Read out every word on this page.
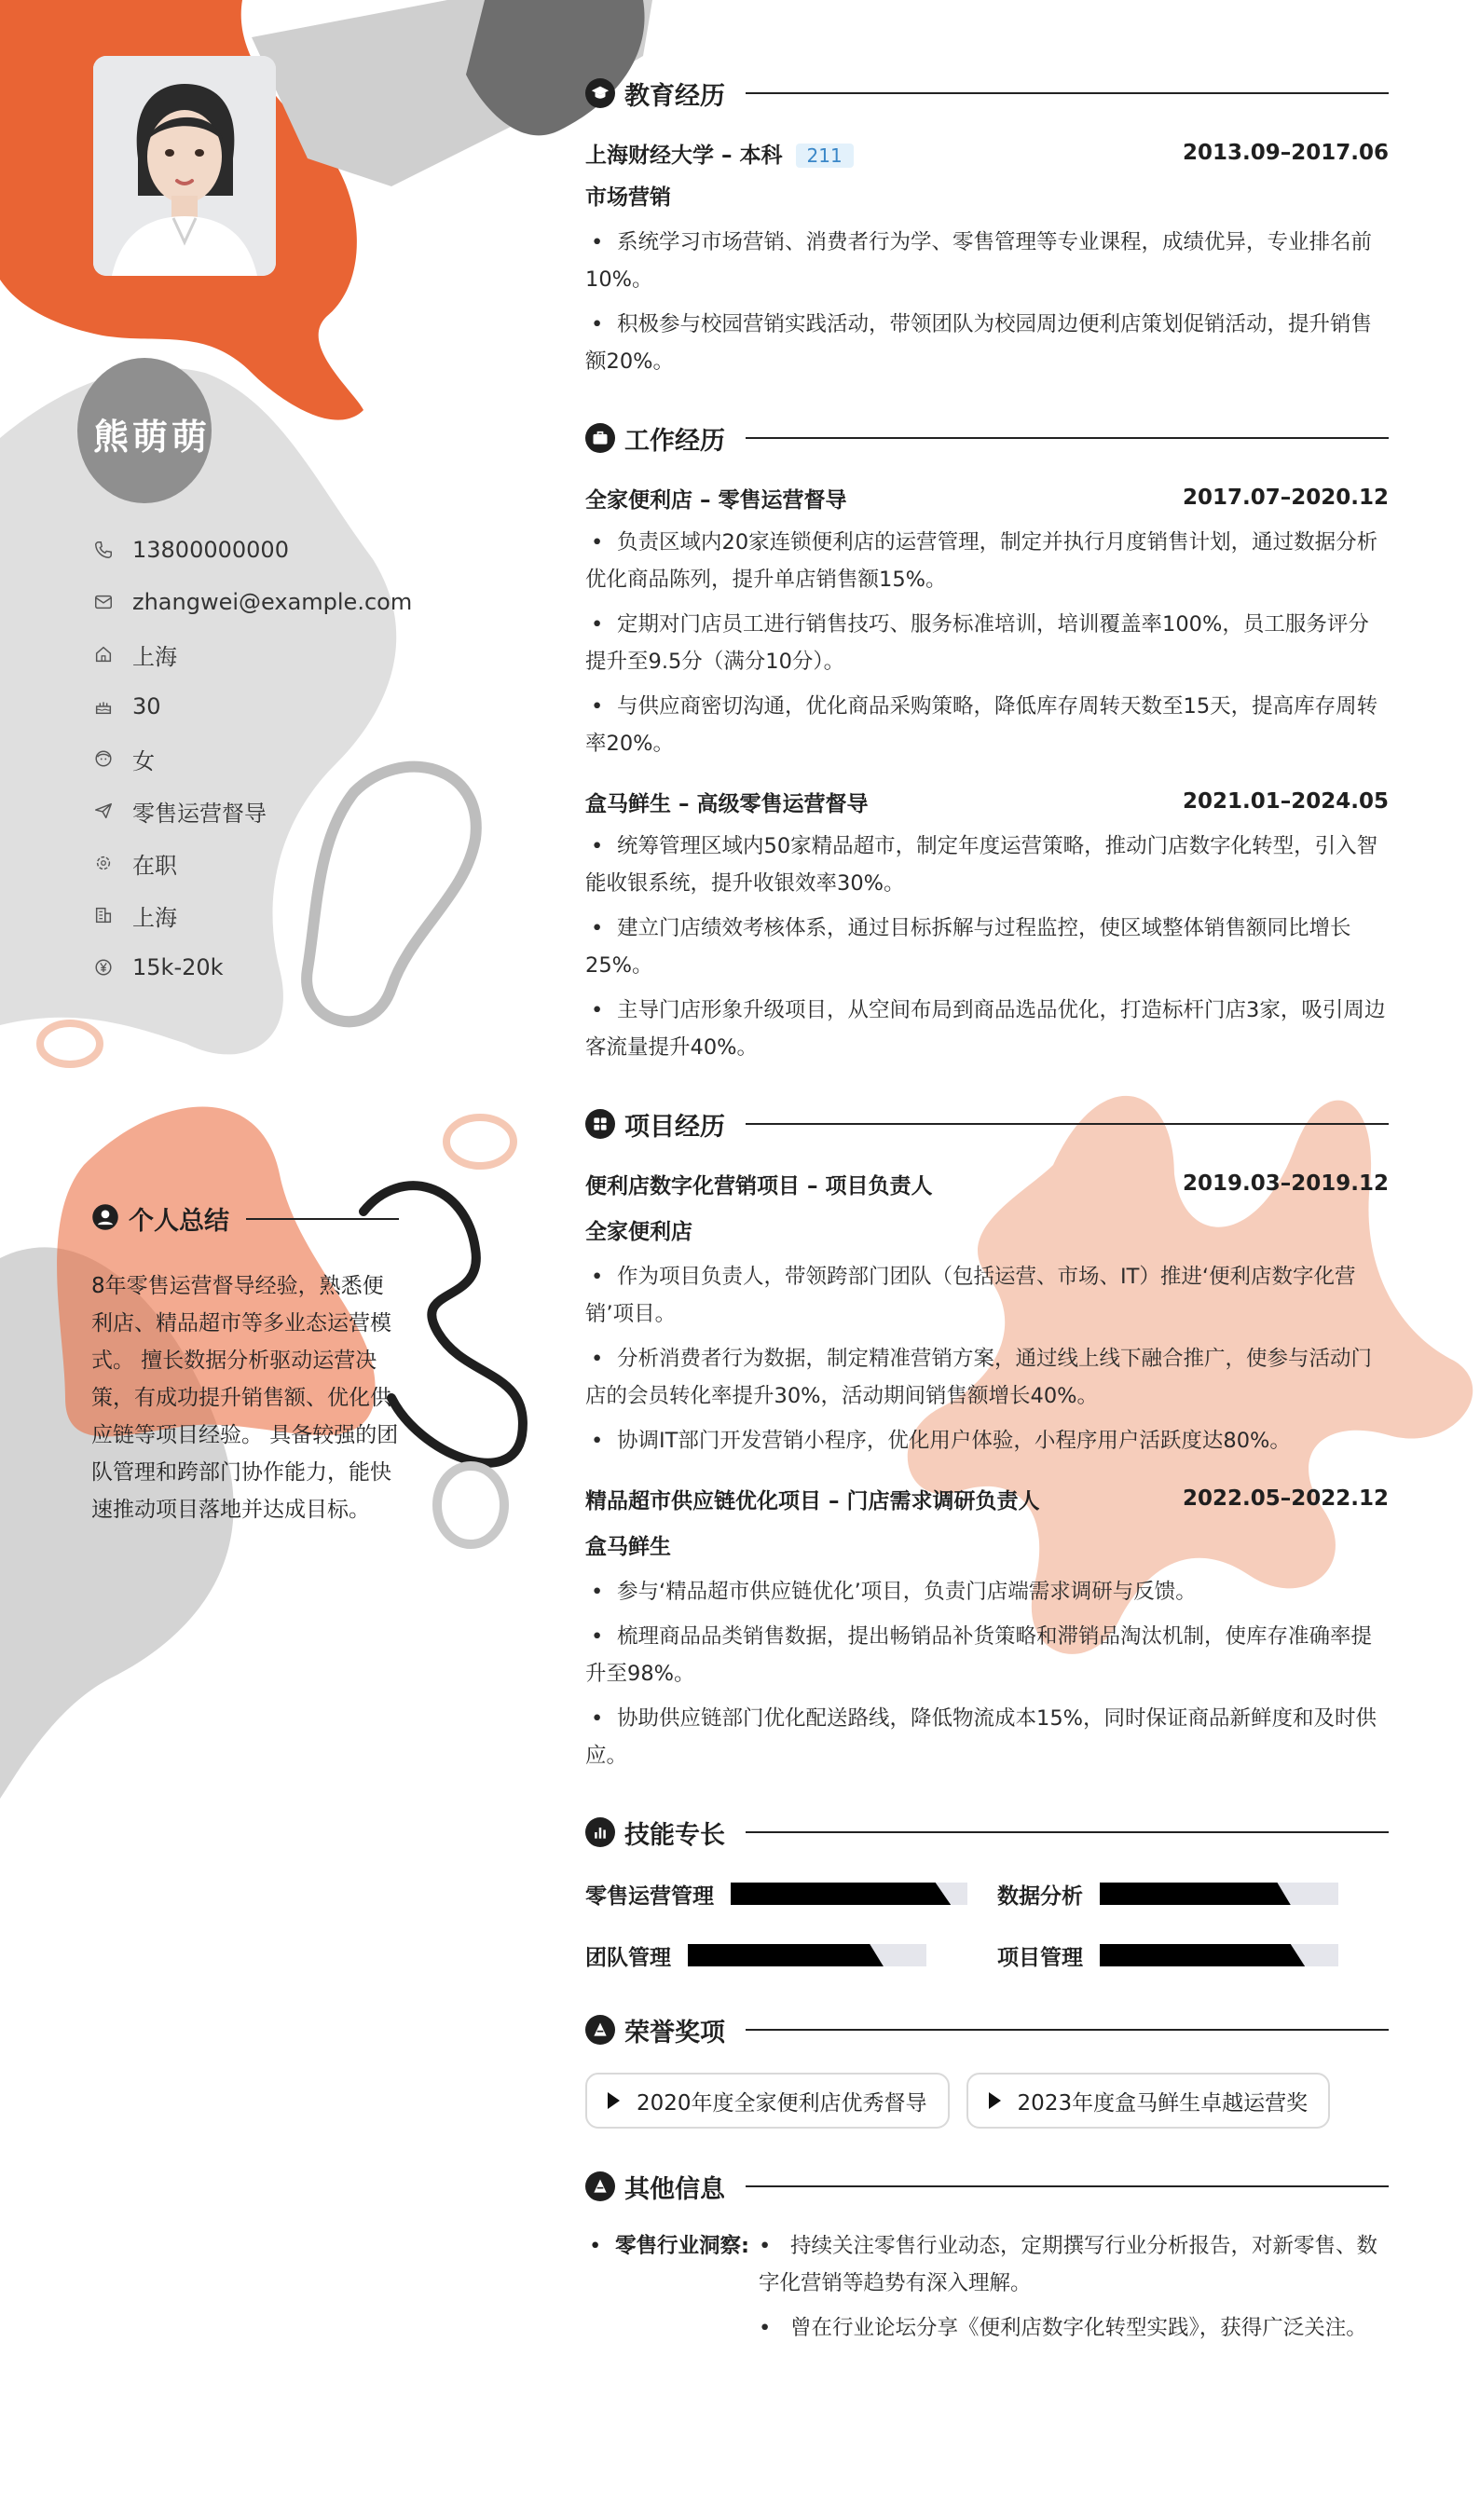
熊萌萌
13800000000
zhangwei@example.com
上海
30
女
零售运营督导
在职
上海
15k-20k
个人总结
8年零售运营督导经验，熟悉便利店、精品超市等多业态运营模式。 擅长数据分析驱动运营决策，有成功提升销售额、优化供应链等项目经验。 具备较强的团队管理和跨部门协作能力，能快速推动项目落地并达成目标。
教育经历
上海财经大学 – 本科 211	2013.09–2017.06
市场营销
• 系统学习市场营销、消费者行为学、零售管理等专业课程，成绩优异，专业排名前10%。
• 积极参与校园营销实践活动，带领团队为校园周边便利店策划促销活动，提升销售额20%。
工作经历
全家便利店 – 零售运营督导	2017.07–2020.12
• 负责区域内20家连锁便利店的运营管理，制定并执行月度销售计划，通过数据分析优化商品陈列，提升单店销售额15%。
• 定期对门店员工进行销售技巧、服务标准培训，培训覆盖率100%，员工服务评分提升至9.5分（满分10分）。
• 与供应商密切沟通，优化商品采购策略，降低库存周转天数至15天，提高库存周转率20%。
盒马鲜生 – 高级零售运营督导	2021.01–2024.05
• 统筹管理区域内50家精品超市，制定年度运营策略，推动门店数字化转型，引入智能收银系统，提升收银效率30%。
• 建立门店绩效考核体系，通过目标拆解与过程监控，使区域整体销售额同比增长25%。
• 主导门店形象升级项目，从空间布局到商品选品优化，打造标杆门店3家，吸引周边客流量提升40%。
项目经历
便利店数字化营销项目 – 项目负责人	2019.03–2019.12
全家便利店
• 作为项目负责人，带领跨部门团队（包括运营、市场、IT）推进‘便利店数字化营销’项目。
• 分析消费者行为数据，制定精准营销方案，通过线上线下融合推广，使参与活动门店的会员转化率提升30%，活动期间销售额增长40%。
• 协调IT部门开发营销小程序，优化用户体验，小程序用户活跃度达80%。
精品超市供应链优化项目 – 门店需求调研负责人	2022.05–2022.12
盒马鲜生
• 参与‘精品超市供应链优化’项目，负责门店端需求调研与反馈。
• 梳理商品品类销售数据，提出畅销品补货策略和滞销品淘汰机制，使库存准确率提升至98%。
• 协助供应链部门优化配送路线，降低物流成本15%，同时保证商品新鲜度和及时供应。
技能专长
零售运营管理	数据分析
团队管理	项目管理
荣誉奖项
2020年度全家便利店优秀督导	2023年度盒马鲜生卓越运营奖
其他信息
• 零售行业洞察: • 持续关注零售行业动态，定期撰写行业分析报告，对新零售、数字化营销等趋势有深入理解。
• 曾在行业论坛分享《便利店数字化转型实践》，获得广泛关注。
